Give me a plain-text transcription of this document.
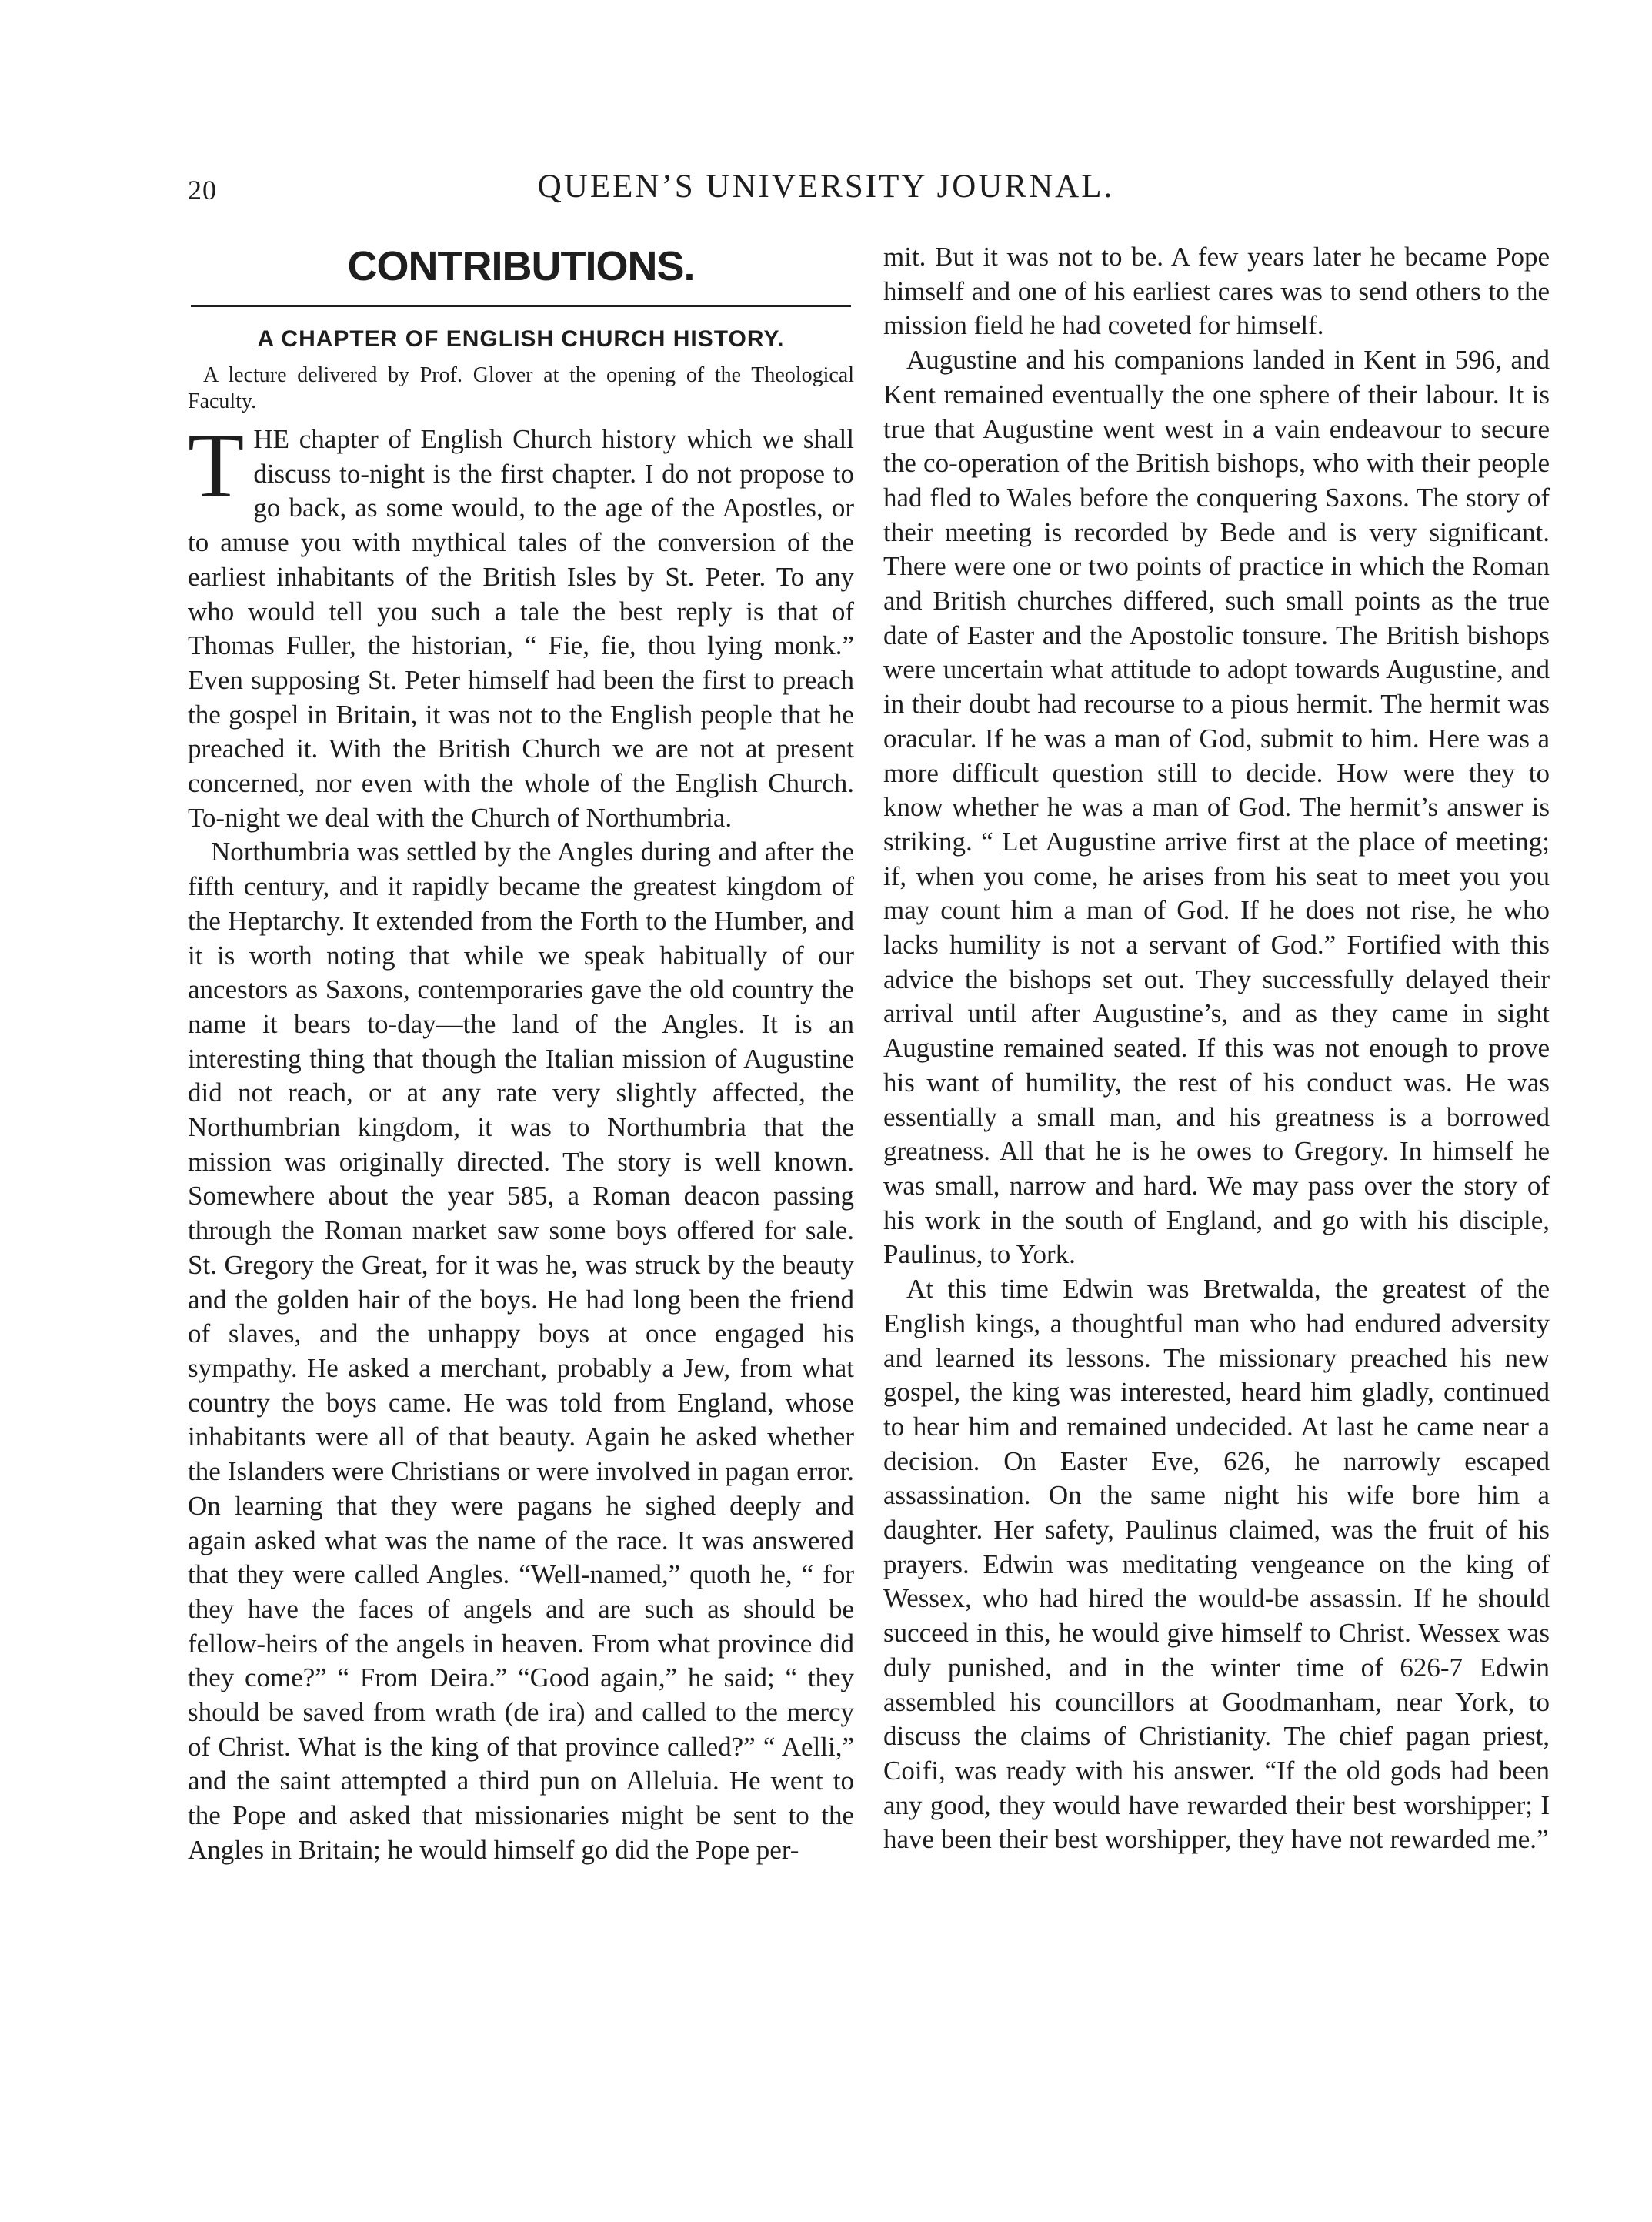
20	QUEEN’S UNIVERSITY JOURNAL.
CONTRIBUTIONS.
A CHAPTER OF ENGLISH CHURCH HISTORY.
A lecture delivered by Prof. Glover at the opening of the Theological Faculty.

THE chapter of English Church history which we shall discuss to-night is the first chapter. I do not propose to go back, as some would, to the age of the Apostles, or to amuse you with mythical tales of the conversion of the earliest inhabitants of the British Isles by St. Peter. To any who would tell you such a tale the best reply is that of Thomas Fuller, the historian, “ Fie, fie, thou lying monk.” Even supposing St. Peter himself had been the first to preach the gospel in Britain, it was not to the English people that he preached it. With the British Church we are not at present concerned, nor even with the whole of the English Church. To-night we deal with the Church of Northumbria.

Northumbria was settled by the Angles during and after the fifth century, and it rapidly became the greatest kingdom of the Heptarchy. It extended from the Forth to the Humber, and it is worth noting that while we speak habitually of our ancestors as Saxons, contemporaries gave the old country the name it bears to-day—the land of the Angles. It is an interesting thing that though the Italian mission of Augustine did not reach, or at any rate very slightly affected, the Northumbrian kingdom, it was to Northumbria that the mission was originally directed. The story is well known. Somewhere about the year 585, a Roman deacon passing through the Roman market saw some boys offered for sale. St. Gregory the Great, for it was he, was struck by the beauty and the golden hair of the boys. He had long been the friend of slaves, and the unhappy boys at once engaged his sympathy. He asked a merchant, probably a Jew, from what country the boys came. He was told from England, whose inhabitants were all of that beauty. Again he asked whether the Islanders were Christians or were involved in pagan error. On learning that they were pagans he sighed deeply and again asked what was the name of the race. It was answered that they were called Angles. “Well-named,” quoth he, “ for they have the faces of angels and are such as should be fellow-heirs of the angels in heaven. From what province did they come?” “ From Deira.” “Good again,” he said; “ they should be saved from wrath (de ira) and called to the mercy of Christ. What is the king of that province called?” “ Aelli,” and the saint attempted a third pun on Alleluia. He went to the Pope and asked that missionaries might be sent to the Angles in Britain; he would himself go did the Pope per-

mit. But it was not to be. A few years later he became Pope himself and one of his earliest cares was to send others to the mission field he had coveted for himself.

Augustine and his companions landed in Kent in 596, and Kent remained eventually the one sphere of their labour. It is true that Augustine went west in a vain endeavour to secure the co-operation of the British bishops, who with their people had fled to Wales before the conquering Saxons. The story of their meeting is recorded by Bede and is very significant. There were one or two points of practice in which the Roman and British churches differed, such small points as the true date of Easter and the Apostolic tonsure. The British bishops were uncertain what attitude to adopt towards Augustine, and in their doubt had recourse to a pious hermit. The hermit was oracular. If he was a man of God, submit to him. Here was a more difficult question still to decide. How were they to know whether he was a man of God. The hermit’s answer is striking. “ Let Augustine arrive first at the place of meeting; if, when you come, he arises from his seat to meet you you may count him a man of God. If he does not rise, he who lacks humility is not a servant of God.” Fortified with this advice the bishops set out. They successfully delayed their arrival until after Augustine’s, and as they came in sight Augustine remained seated. If this was not enough to prove his want of humility, the rest of his conduct was. He was essentially a small man, and his greatness is a borrowed greatness. All that he is he owes to Gregory. In himself he was small, narrow and hard. We may pass over the story of his work in the south of England, and go with his disciple, Paulinus, to York.

At this time Edwin was Bretwalda, the greatest of the English kings, a thoughtful man who had endured adversity and learned its lessons. The missionary preached his new gospel, the king was interested, heard him gladly, continued to hear him and remained undecided. At last he came near a decision. On Easter Eve, 626, he narrowly escaped assassination. On the same night his wife bore him a daughter. Her safety, Paulinus claimed, was the fruit of his prayers. Edwin was meditating vengeance on the king of Wessex, who had hired the would-be assassin. If he should succeed in this, he would give himself to Christ. Wessex was duly punished, and in the winter time of 626-7 Edwin assembled his councillors at Goodmanham, near York, to discuss the claims of Christianity. The chief pagan priest, Coifi, was ready with his answer. “If the old gods had been any good, they would have rewarded their best worshipper; I have been their best worshipper, they have not rewarded me.”
